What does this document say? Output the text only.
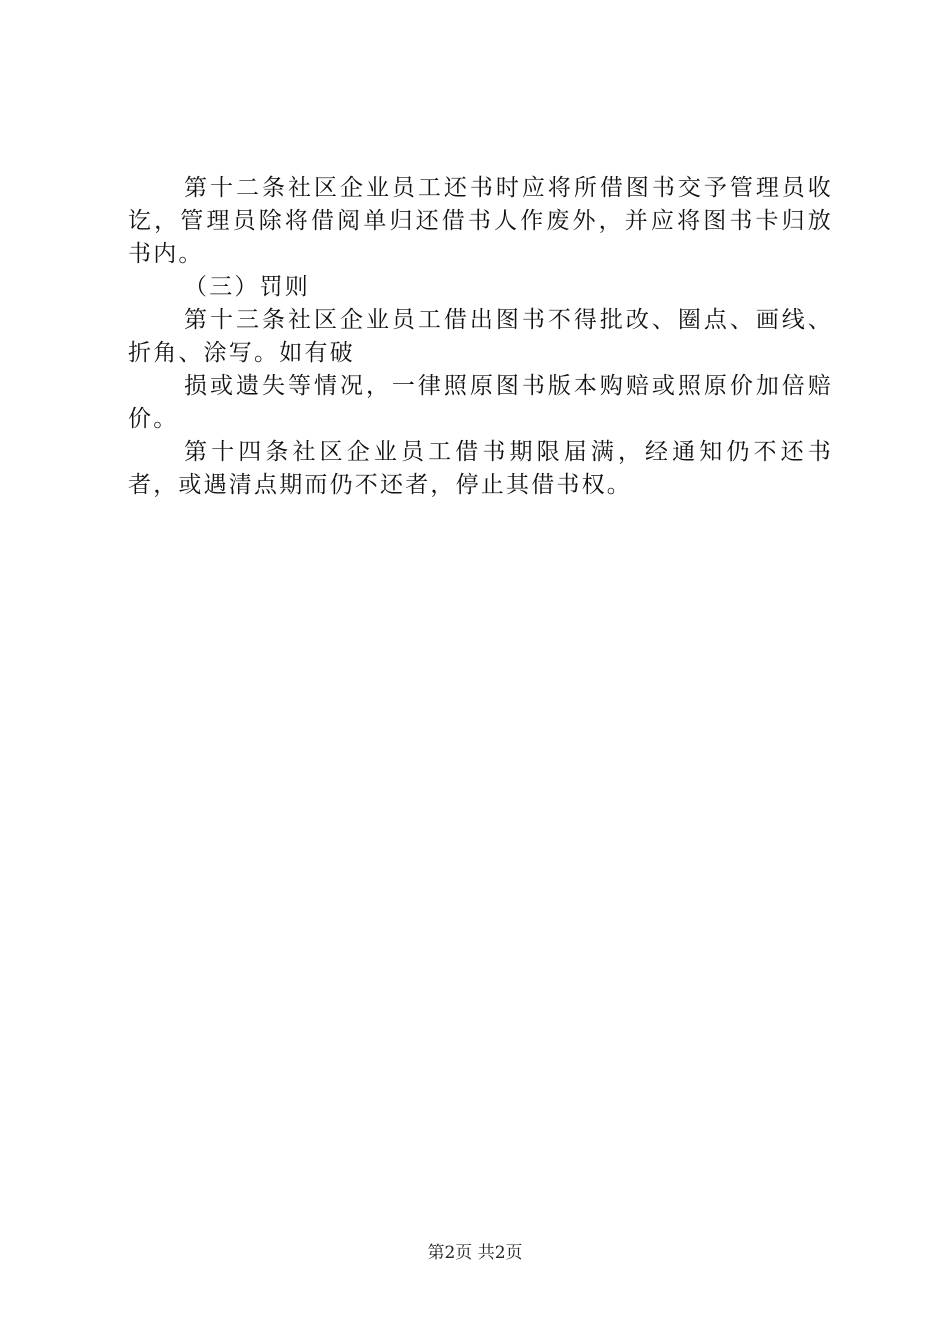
第十二条社区企业员工还书时应将所借图书交予管理员收讫，管理员除将借阅单归还借书人作废外，并应将图书卡归放书内。

（三）罚则

第十三条社区企业员工借出图书不得批改、圈点、画线、折角、涂写。如有破

损或遗失等情况，一律照原图书版本购赔或照原价加倍赔价。

第十四条社区企业员工借书期限届满，经通知仍不还书者，或遇清点期而仍不还者，停止其借书权。

第2页 共2页
